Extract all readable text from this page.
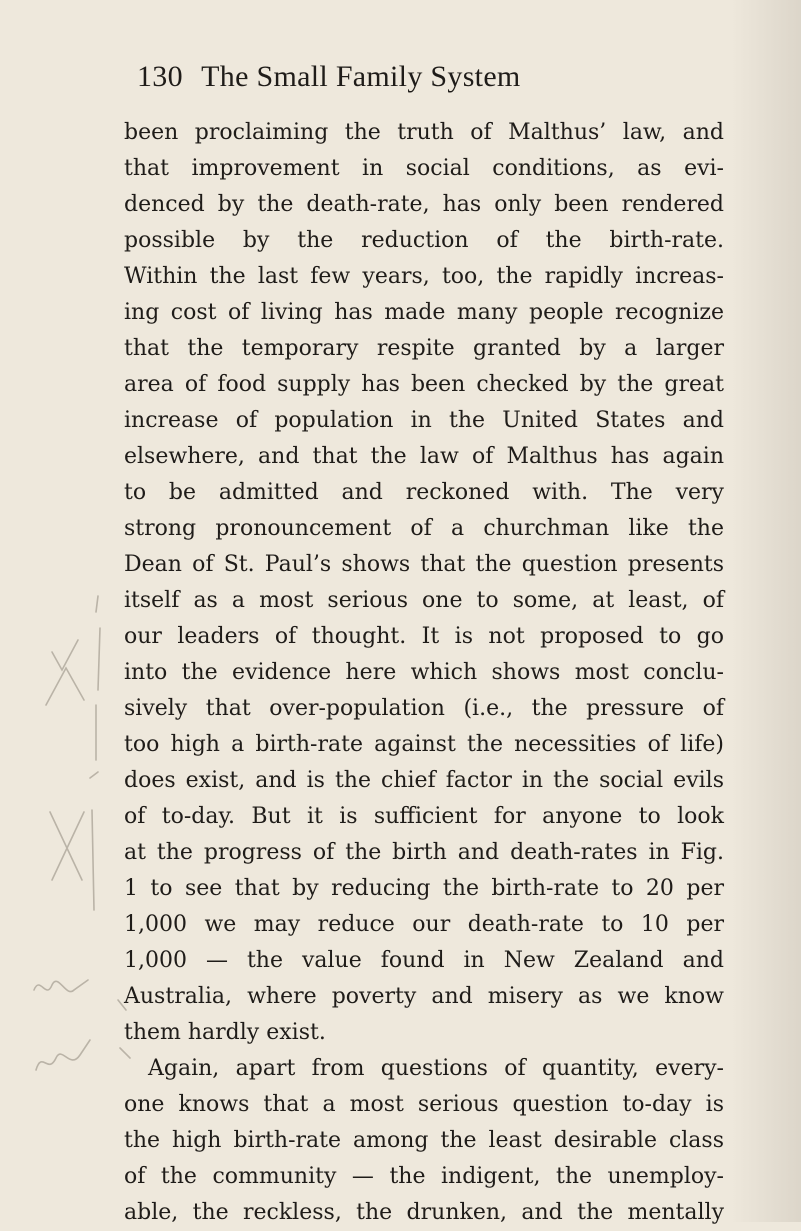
130 The Small Family System
been proclaiming the truth of Malthus’ law, and
that improvement in social conditions, as evi-
denced by the death-rate, has only been rendered
possible by the reduction of the birth-rate.
Within the last few years, too, the rapidly increas-
ing cost of living has made many people recognize
that the temporary respite granted by a larger
area of food supply has been checked by the great
increase of population in the United States and
elsewhere, and that the law of Malthus has again
to be admitted and reckoned with. The very
strong pronouncement of a churchman like the
Dean of St. Paul’s shows that the question presents
itself as a most serious one to some, at least, of
our leaders of thought. It is not proposed to go
into the evidence here which shows most conclu-
sively that over-population (i.e., the pressure of
too high a birth-rate against the necessities of life)
does exist, and is the chief factor in the social evils
of to-day. But it is sufficient for anyone to look
at the progress of the birth and death-rates in Fig.
1 to see that by reducing the birth-rate to 20 per
1,000 we may reduce our death-rate to 10 per
1,000 — the value found in New Zealand and
Australia, where poverty and misery as we know
them hardly exist.
Again, apart from questions of quantity, every-
one knows that a most serious question to-day is
the high birth-rate among the least desirable class
of the community — the indigent, the unemploy-
able, the reckless, the drunken, and the mentally
